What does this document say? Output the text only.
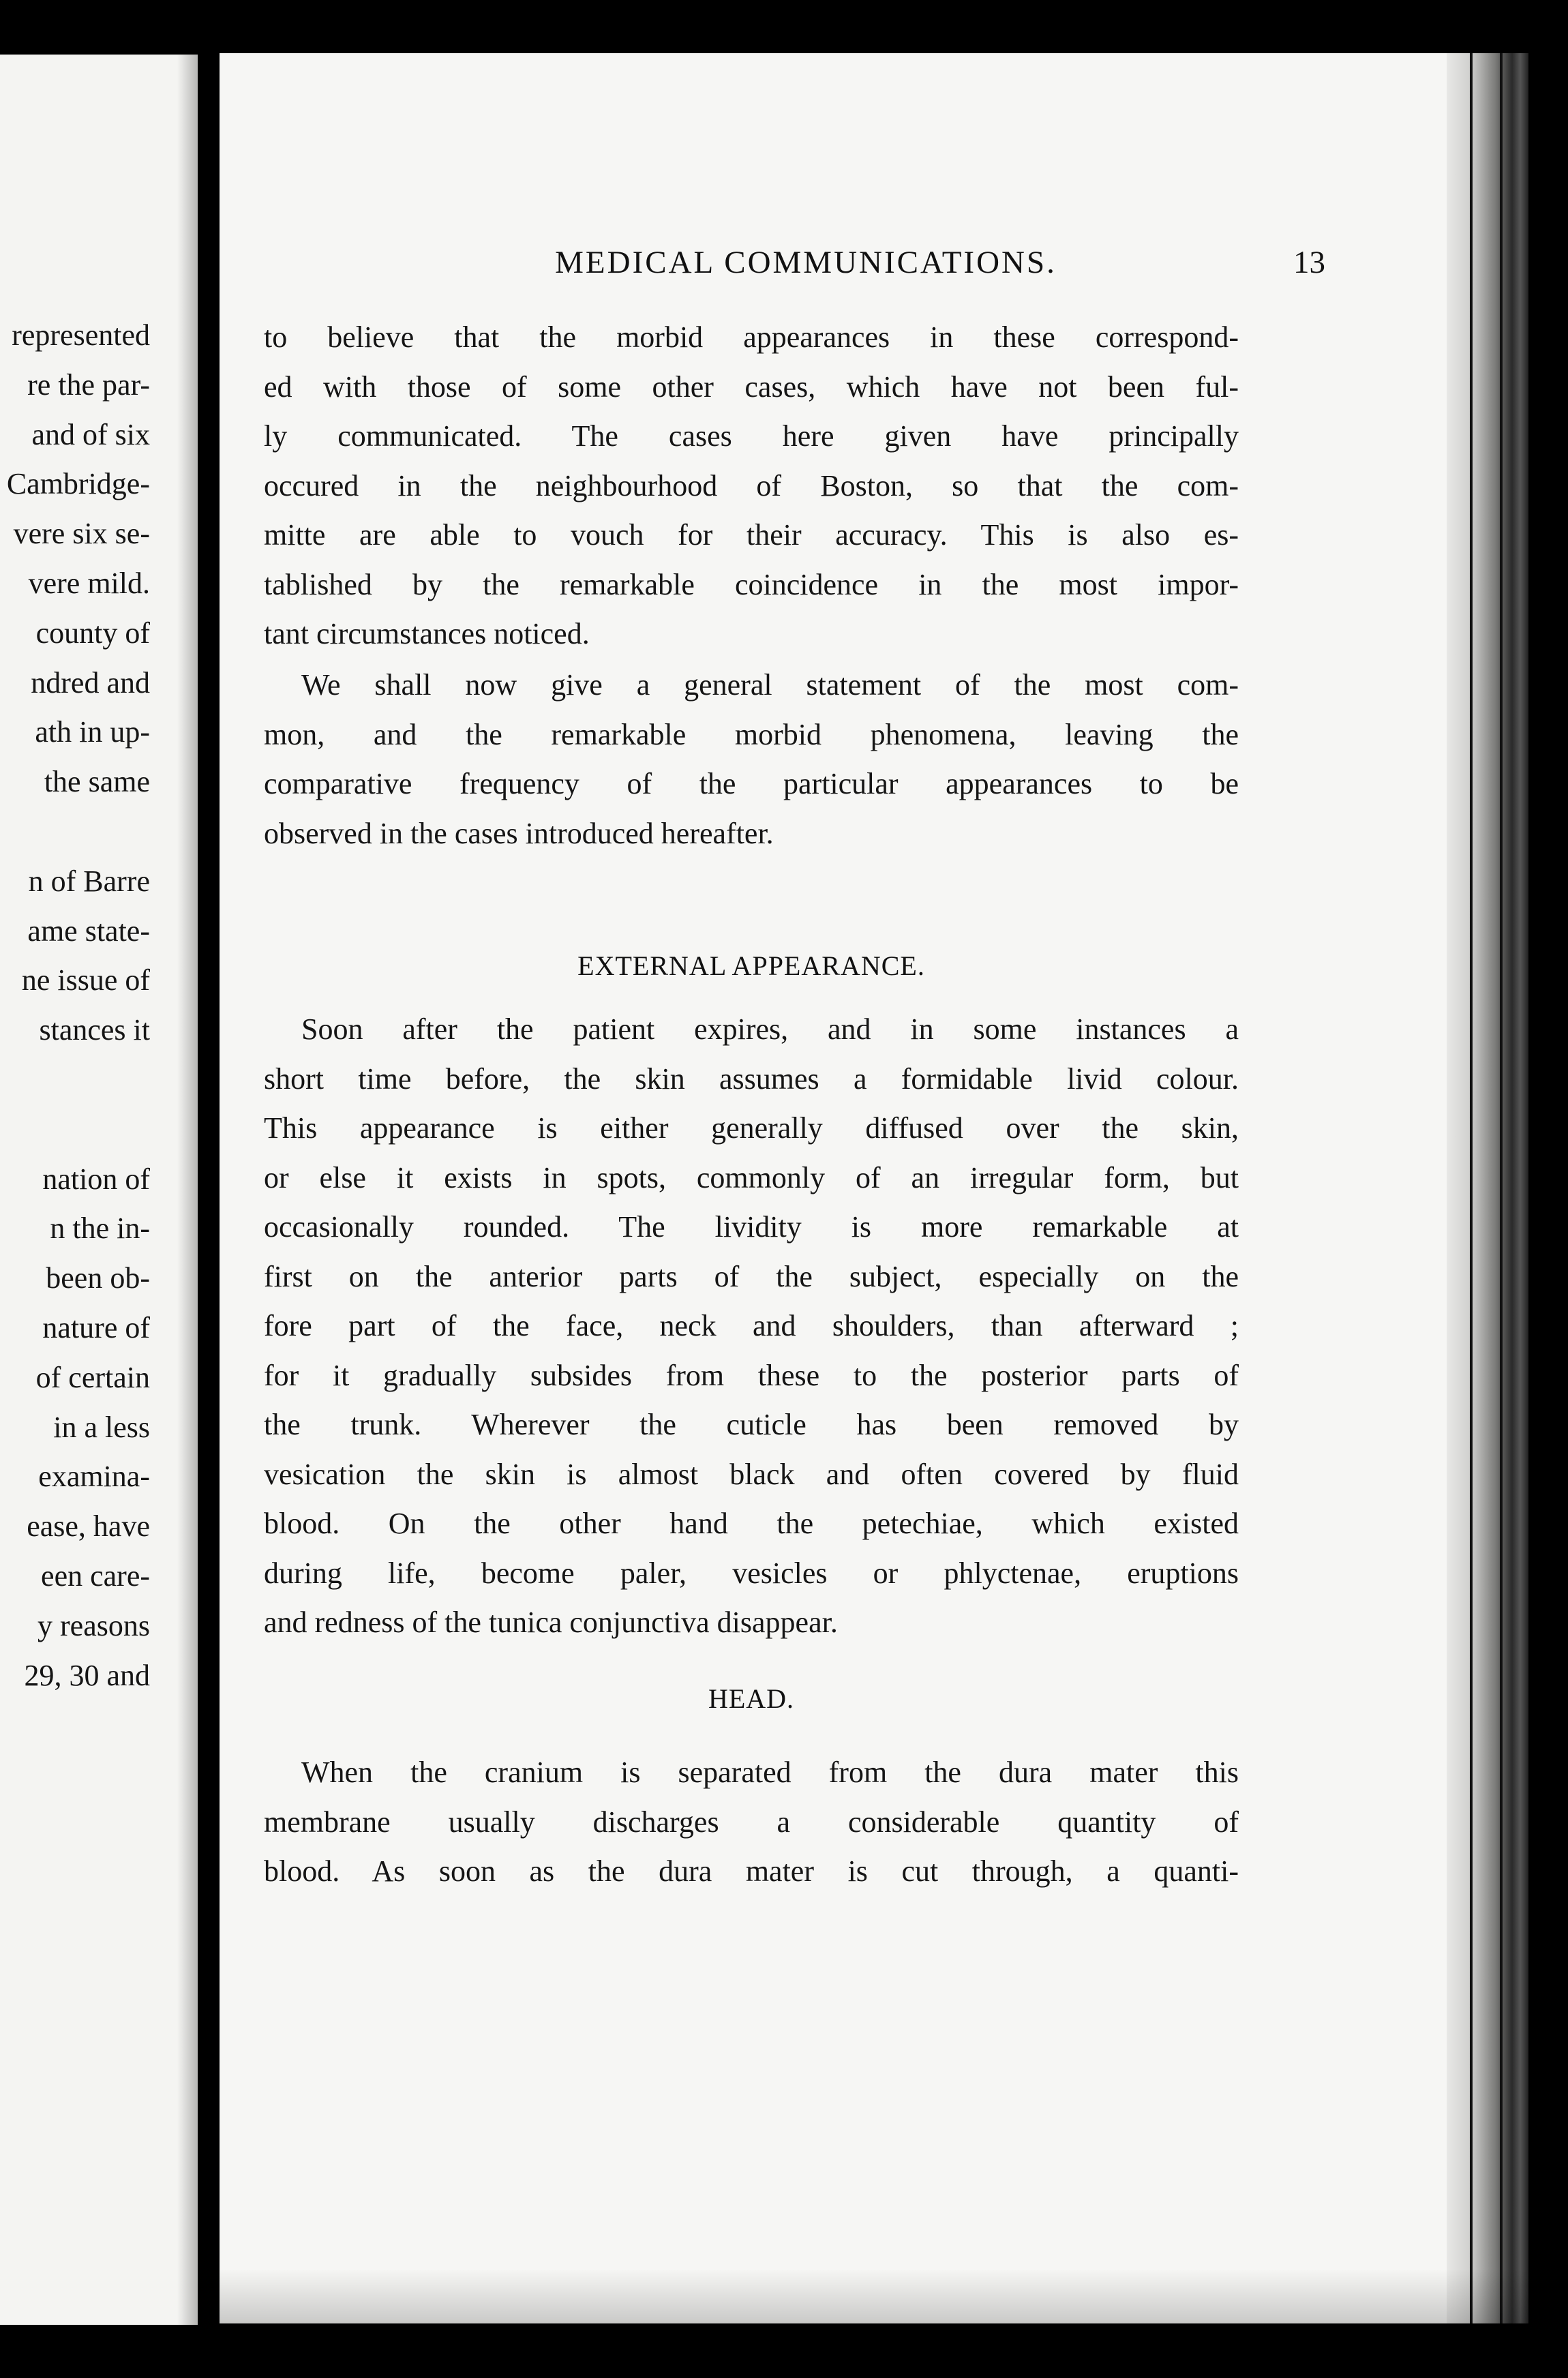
represented
re the par-
and of six
Cambridge-
vere six se-
vere mild.
county of
ndred and
ath in up-
the same
n of Barre
ame state-
ne issue of
stances it
nation of
n the in-
been ob-
nature of
of certain
in a less
examina-
ease, have
een care-
y reasons
29, 30 and
MEDICAL COMMUNICATIONS.	13
EXTERNAL APPEARANCE.
HEAD.
to believe that the morbid appearances in these correspond-
ed with those of some other cases, which have not been ful-
ly communicated. The cases here given have principally
occured in the neighbourhood of Boston, so that the com-
mitte are able to vouch for their accuracy. This is also es-
tablished by the remarkable coincidence in the most impor-
tant circumstances noticed.
We shall now give a general statement of the most com-
mon, and the remarkable morbid phenomena, leaving the
comparative frequency of the particular appearances to be
observed in the cases introduced hereafter.
Soon after the patient expires, and in some instances a
short time before, the skin assumes a formidable livid colour.
This appearance is either generally diffused over the skin,
or else it exists in spots, commonly of an irregular form, but
occasionally rounded. The lividity is more remarkable at
first on the anterior parts of the subject, especially on the
fore part of the face, neck and shoulders, than afterward ;
for it gradually subsides from these to the posterior parts of
the trunk. Wherever the cuticle has been removed by
vesication the skin is almost black and often covered by fluid
blood. On the other hand the petechiae, which existed
during life, become paler, vesicles or phlyctenae, eruptions
and redness of the tunica conjunctiva disappear.
When the cranium is separated from the dura mater this
membrane usually discharges a considerable quantity of
blood. As soon as the dura mater is cut through, a quanti-
